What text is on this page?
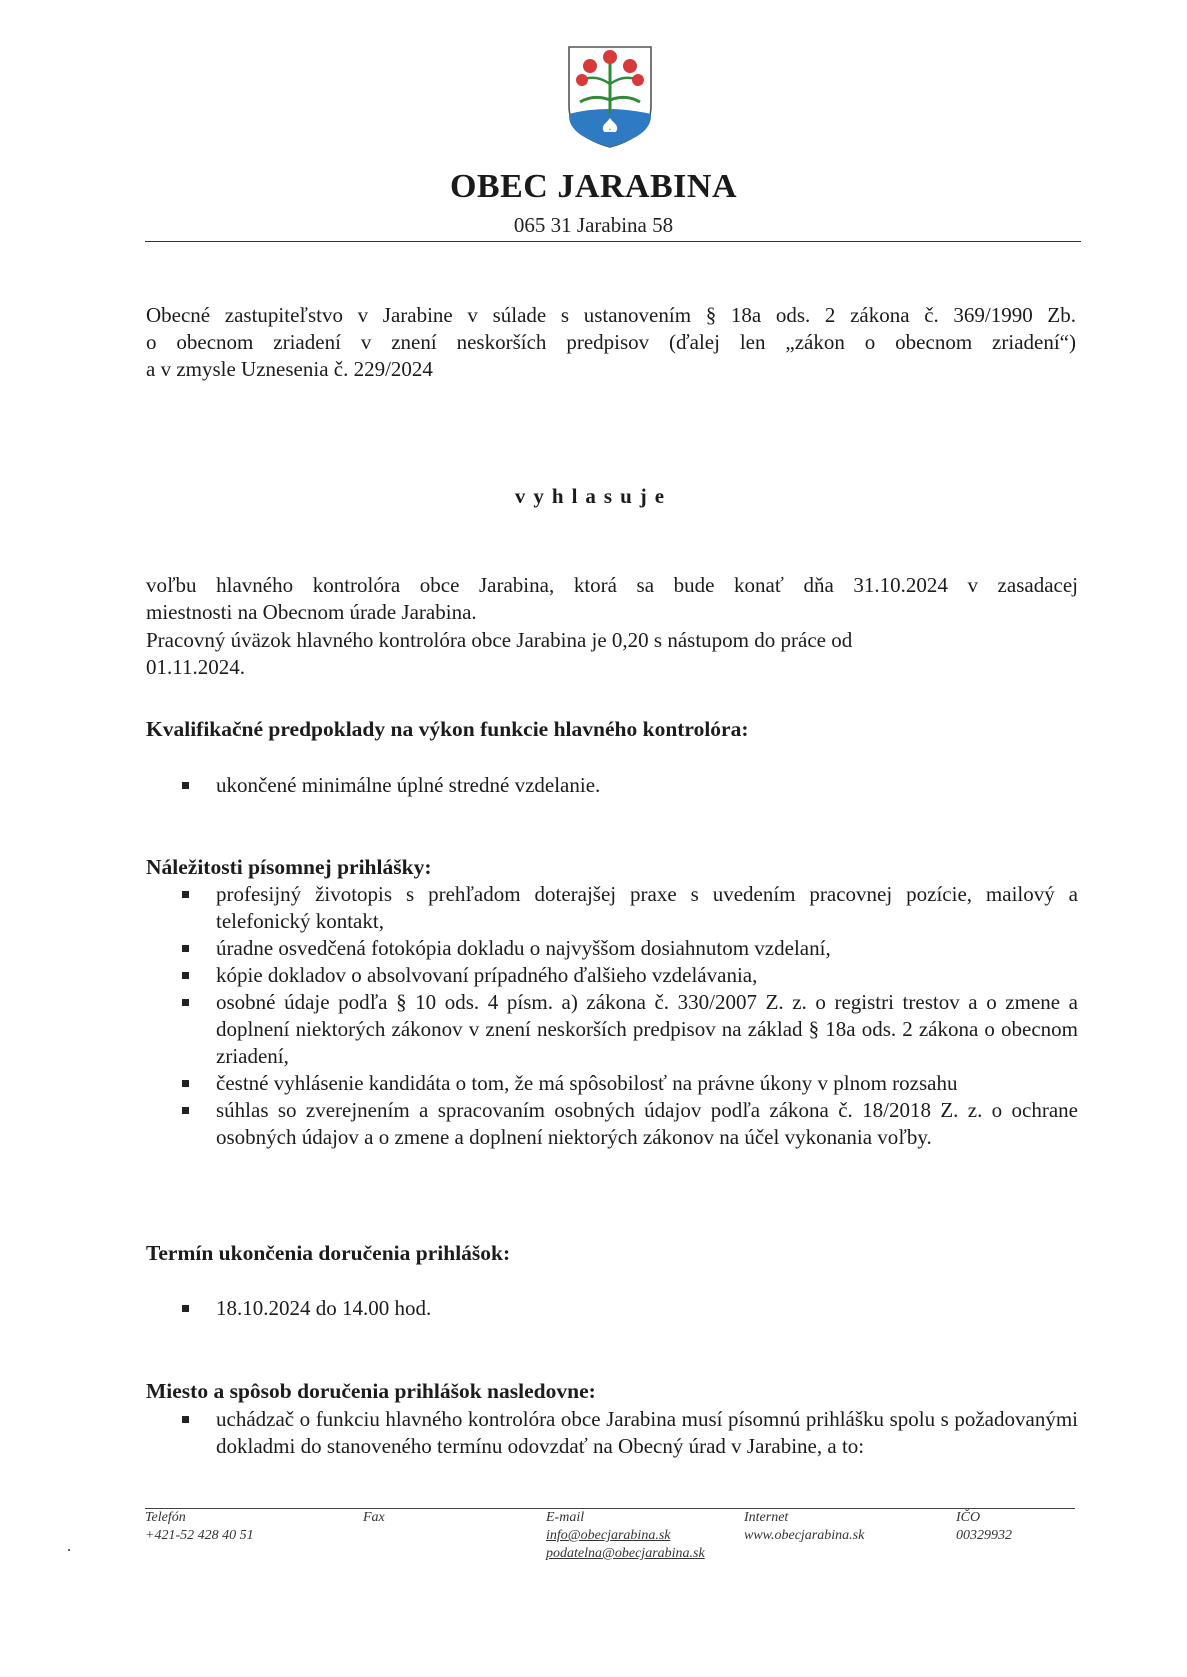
OBEC JARABINA
065 31 Jarabina 58
Obecné zastupiteľstvo v Jarabine v súlade s ustanovením § 18a ods. 2 zákona č. 369/1990 Zb.
o obecnom zriadení v znení neskorších predpisov (ďalej len „zákon o obecnom zriadení“)
a v zmysle Uznesenia č. 229/2024
vyhlasuje
voľbu hlavného kontrolóra obce Jarabina, ktorá sa bude konať dňa 31.10.2024 v zasadacej
miestnosti na Obecnom úrade Jarabina.
Pracovný úväzok hlavného kontrolóra obce Jarabina je 0,20 s nástupom do práce od
01.11.2024.
Kvalifikačné predpoklady na výkon funkcie hlavného kontrolóra:
ukončené minimálne úplné stredné vzdelanie.
Náležitosti písomnej prihlášky:
profesijný životopis s prehľadom doterajšej praxe s uvedením pracovnej pozície, mailový a telefonický kontakt,
úradne osvedčená fotokópia dokladu o najvyššom dosiahnutom vzdelaní,
kópie dokladov o absolvovaní prípadného ďalšieho vzdelávania,
osobné údaje podľa § 10 ods. 4 písm. a) zákona č. 330/2007 Z. z. o registri trestov a o zmene a doplnení niektorých zákonov v znení neskorších predpisov na základ § 18a ods. 2 zákona o obecnom zriadení,
čestné vyhlásenie kandidáta o tom, že má spôsobilosť na právne úkony v plnom rozsahu
súhlas so zverejnením a spracovaním osobných údajov podľa zákona č. 18/2018 Z. z. o ochrane osobných údajov a o zmene a doplnení niektorých zákonov na účel vykonania voľby.
Termín ukončenia doručenia prihlášok:
18.10.2024 do 14.00 hod.
Miesto a spôsob doručenia prihlášok nasledovne:
uchádzač o funkciu hlavného kontrolóra obce Jarabina musí písomnú prihlášku spolu s požadovanými dokladmi do stanoveného termínu odovzdať na Obecný úrad v Jarabine, a to:
Telefón
+421-52 428 40 51
Fax	E-mail
info@obecjarabina.sk
podatelna@obecjarabina.sk
Internet
www.obecjarabina.sk
IČO
00329932
